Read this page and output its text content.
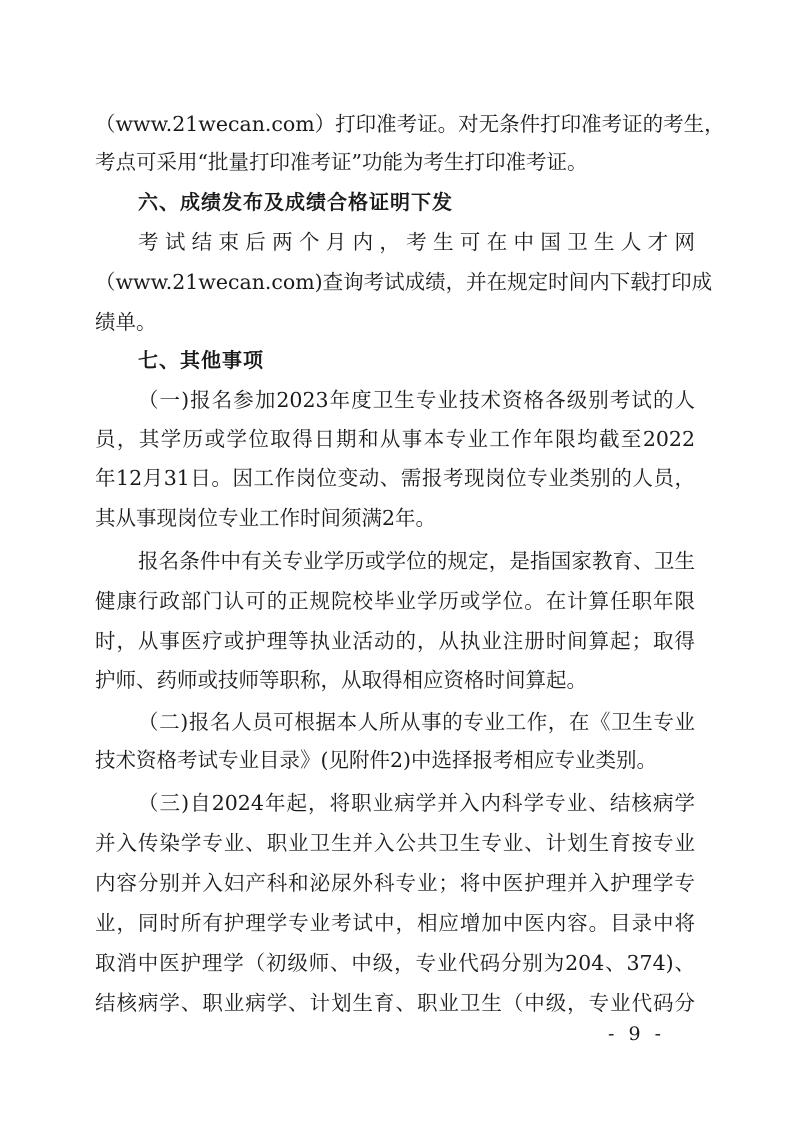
（www.21wecan.com）打印准考证。对无条件打印准考证的考生，
考点可采用“批量打印准考证”功能为考生打印准考证。
六、成绩发布及成绩合格证明下发
考试结束后两个月内，考生可在中国卫生人才网
（www.21wecan.com)查询考试成绩，并在规定时间内下载打印成
绩单。
七、其他事项
（一)报名参加2023年度卫生专业技术资格各级别考试的人
员，其学历或学位取得日期和从事本专业工作年限均截至2022
年12月31日。因工作岗位变动、需报考现岗位专业类别的人员，
其从事现岗位专业工作时间须满2年。
报名条件中有关专业学历或学位的规定，是指国家教育、卫生
健康行政部门认可的正规院校毕业学历或学位。在计算任职年限
时，从事医疗或护理等执业活动的，从执业注册时间算起；取得
护师、药师或技师等职称，从取得相应资格时间算起。
（二)报名人员可根据本人所从事的专业工作，在《卫生专业
技术资格考试专业目录》(见附件2)中选择报考相应专业类别。
（三)自2024年起，将职业病学并入内科学专业、结核病学
并入传染学专业、职业卫生并入公共卫生专业、计划生育按专业
内容分别并入妇产科和泌尿外科专业；将中医护理并入护理学专
业，同时所有护理学专业考试中，相应增加中医内容。目录中将
取消中医护理学（初级师、中级，专业代码分别为204、374)、
结核病学、职业病学、计划生育、职业卫生（中级，专业代码分
- 9 -
